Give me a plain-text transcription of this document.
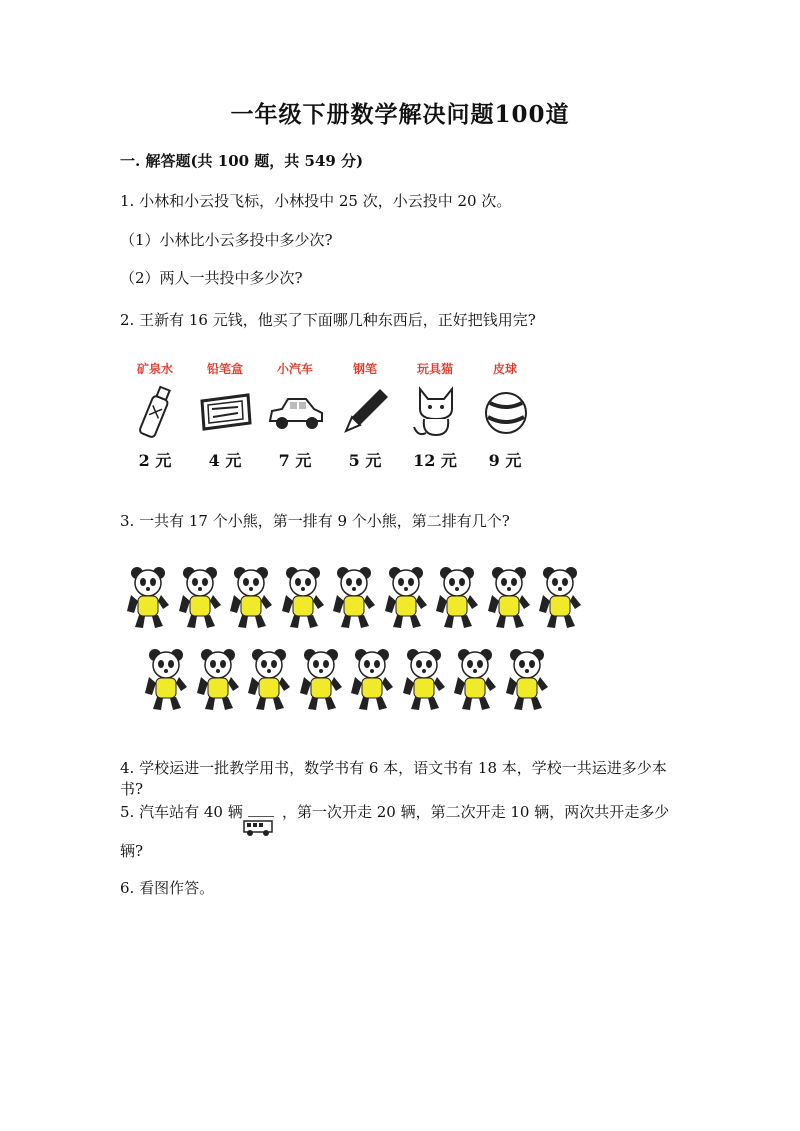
一年级下册数学解决问题100道
一. 解答题(共 100 题，共 549 分)
1. 小林和小云投飞标，小林投中 25 次，小云投中 20 次。
（1）小林比小云多投中多少次?
（2）两人一共投中多少次?
2. 王新有 16 元钱，他买了下面哪几种东西后，正好把钱用完?
矿泉水
2 元
铅笔盒
4 元
小汽车
7 元
钢笔
5 元
玩具猫
12 元
皮球
9 元
3. 一共有 17 个小熊，第一排有 9 个小熊，第二排有几个?
4. 学校运进一批教学用书，数学书有 6 本，语文书有 18 本，学校一共运进多少本书?
5. 汽车站有 40 辆	，第一次开走 20 辆，第二次开走 10 辆，两次共开走多少
辆?
6. 看图作答。
